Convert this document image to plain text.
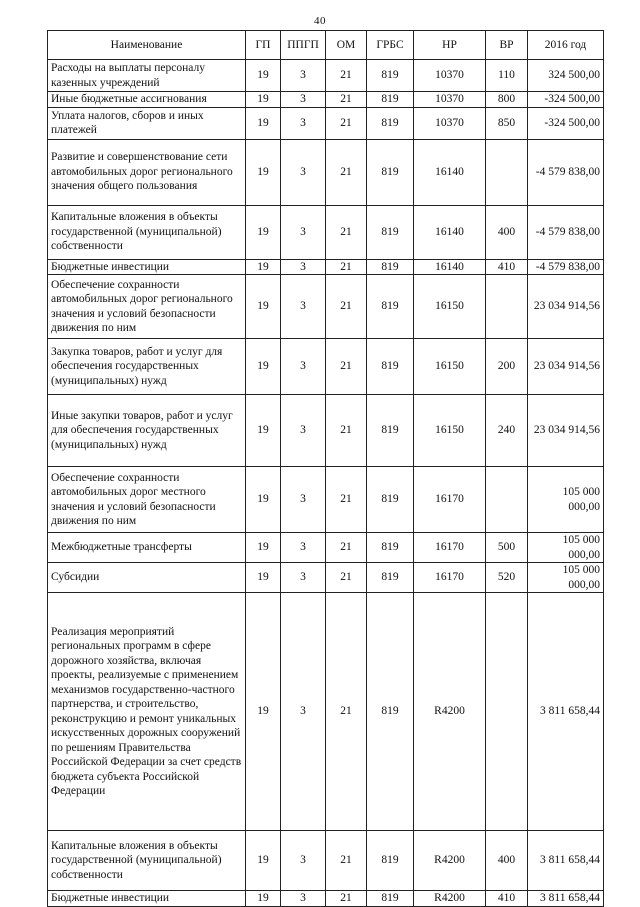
40
Наименование	ГП	ППГП	ОМ	ГРБС	НР	ВР	2016 год
Расходы на выплаты персоналу казенных учреждений	19	3	21	819	10370	110	324 500,00
Иные бюджетные ассигнования	19	3	21	819	10370	800	-324 500,00
Уплата налогов, сборов и иных платежей	19	3	21	819	10370	850	-324 500,00
Развитие и совершенствование сети автомобильных дорог регионального значения общего пользования	19	3	21	819	16140		-4 579 838,00
Капитальные вложения в объекты государственной (муниципальной) собственности	19	3	21	819	16140	400	-4 579 838,00
Бюджетные инвестиции	19	3	21	819	16140	410	-4 579 838,00
Обеспечение сохранности автомобильных дорог регионального значения и условий безопасности движения по ним	19	3	21	819	16150		23 034 914,56
Закупка товаров, работ и услуг для обеспечения государственных (муниципальных) нужд	19	3	21	819	16150	200	23 034 914,56
Иные закупки товаров, работ и услуг для обеспечения государственных (муниципальных) нужд	19	3	21	819	16150	240	23 034 914,56
Обеспечение сохранности автомобильных дорог местного значения и условий безопасности движения по ним	19	3	21	819	16170		105 000 000,00
Межбюджетные трансферты	19	3	21	819	16170	500	105 000 000,00
Субсидии	19	3	21	819	16170	520	105 000 000,00
Реализация мероприятий региональных программ в сфере дорожного хозяйства, включая проекты, реализуемые с применением механизмов государственно-частного партнерства, и строительство, реконструкцию и ремонт уникальных искусственных дорожных сооружений по решениям Правительства Российской Федерации за счет средств бюджета субъекта Российской Федерации	19	3	21	819	R4200		3 811 658,44
Капитальные вложения в объекты государственной (муниципальной) собственности	19	3	21	819	R4200	400	3 811 658,44
Бюджетные инвестиции	19	3	21	819	R4200	410	3 811 658,44
